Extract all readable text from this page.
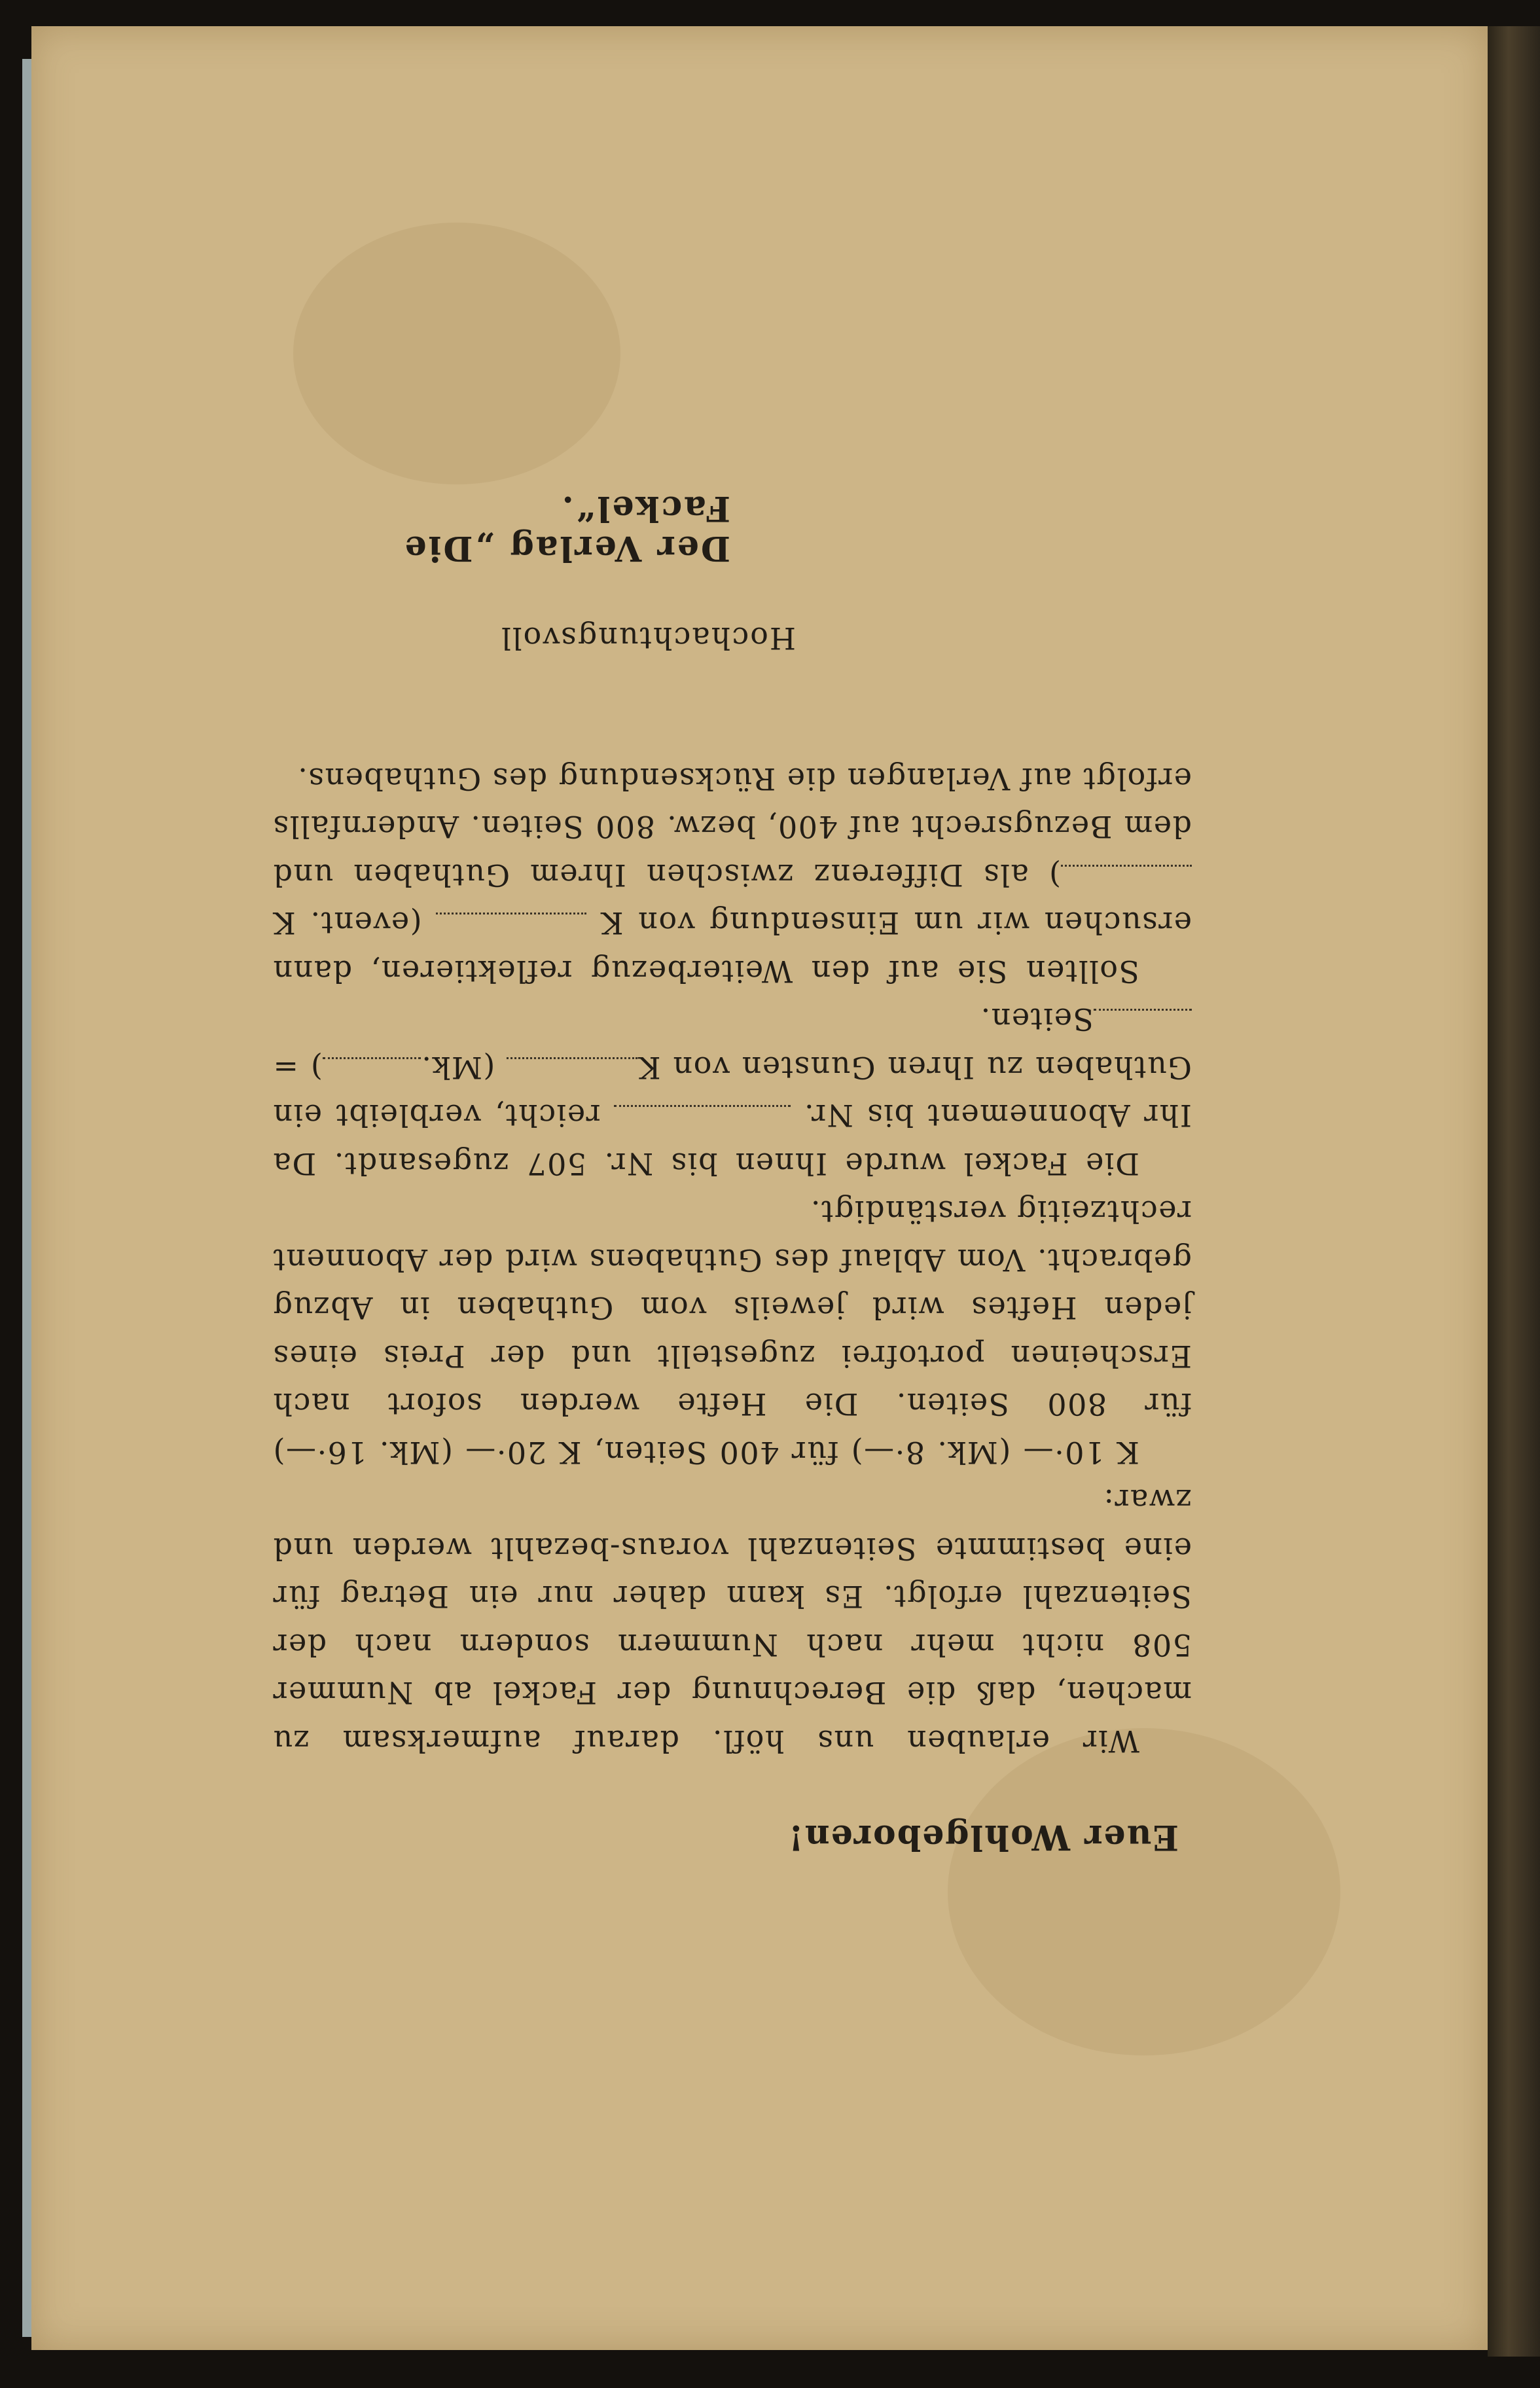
Euer Wohlgeboren!

Wir erlauben uns höfl. darauf aufmerksam zu machen, daß die Berechnung der Fackel ab Nummer 508 nicht mehr nach Nummern sondern nach der Seitenzahl erfolgt. Es kann daher nur ein Betrag für eine bestimmte Seitenzahl voraus-bezahlt werden und zwar:

K 10·— (Mk. 8·—) für 400 Seiten, K 20·— (Mk. 16·—) für 800 Seiten. Die Hefte werden sofort nach Erscheinen portofrei zugestellt und der Preis eines jeden Heftes wird jeweils vom Guthaben in Abzug gebracht. Vom Ablauf des Guthabens wird der Abonnent rechtzeitig verständigt.

Die Fackel wurde Ihnen bis Nr. 507 zugesandt. Da Ihr Abonnement bis Nr.  reicht, verbleibt ein Guthaben zu Ihren Gunsten von K (Mk.) =Seiten.

Sollten Sie auf den Weiterbezug reflektieren, dann ersuchen wir um Einsendung von K  (event. K ) als Differenz zwischen Ihrem Guthaben und dem Bezugsrecht auf 400, bezw. 800 Seiten. Andernfalls erfolgt auf Verlangen die Rücksendung des Guthabens.

Hochachtungsvoll
Der Verlag „Die Fackel“.
